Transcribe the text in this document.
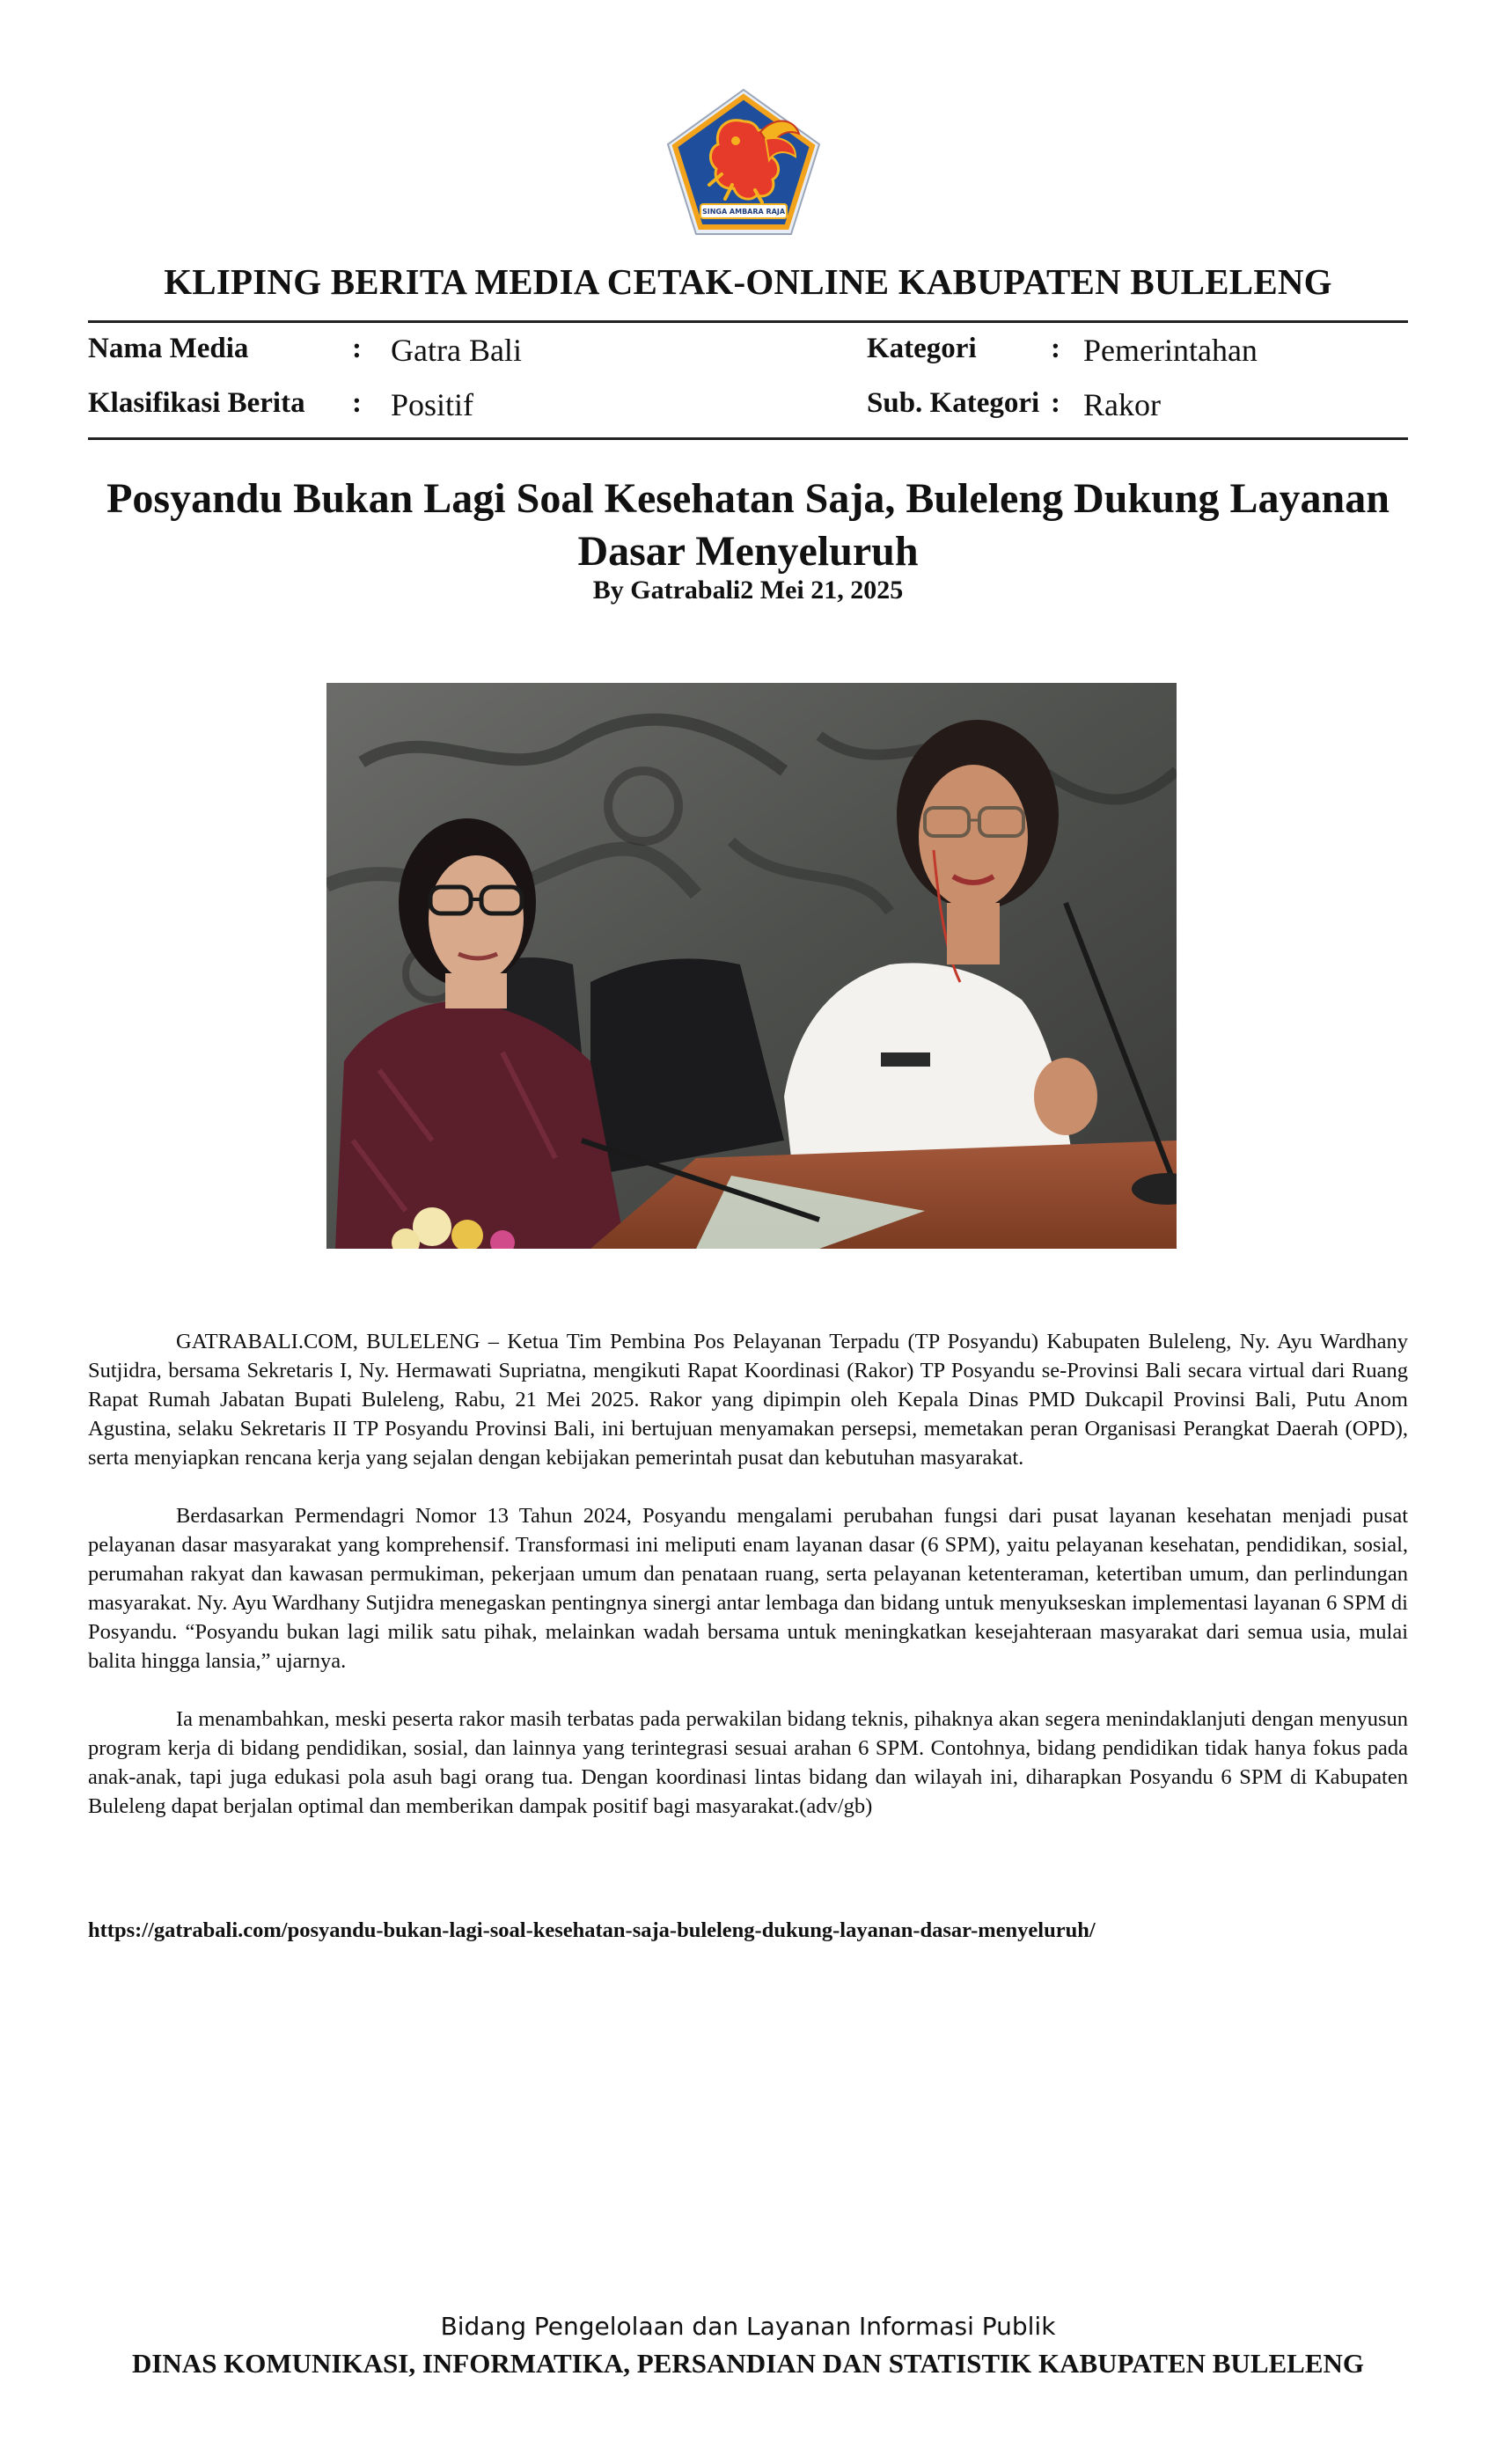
SINGA AMBARA RAJA
KLIPING BERITA MEDIA CETAK-ONLINE KABUPATEN BULELENG
Nama Media	: Gatra Bali
Klasifikasi Berita : Positif
Kategori	: Pemerintahan
Sub. Kategori : Rakor
Posyandu Bukan Lagi Soal Kesehatan Saja, Buleleng Dukung Layanan Dasar Menyeluruh
By Gatrabali2 Mei 21, 2025

GATRABALI.COM, BULELENG – Ketua Tim Pembina Pos Pelayanan Terpadu (TP Posyandu) Kabupaten Buleleng, Ny. Ayu Wardhany Sutjidra, bersama Sekretaris I, Ny. Hermawati Supriatna, mengikuti Rapat Koordinasi (Rakor) TP Posyandu se-Provinsi Bali secara virtual dari Ruang Rapat Rumah Jabatan Bupati Buleleng, Rabu, 21 Mei 2025. Rakor yang dipimpin oleh Kepala Dinas PMD Dukcapil Provinsi Bali, Putu Anom Agustina, selaku Sekretaris II TP Posyandu Provinsi Bali, ini bertujuan menyamakan persepsi, memetakan peran Organisasi Perangkat Daerah (OPD), serta menyiapkan rencana kerja yang sejalan dengan kebijakan pemerintah pusat dan kebutuhan masyarakat.

Berdasarkan Permendagri Nomor 13 Tahun 2024, Posyandu mengalami perubahan fungsi dari pusat layanan kesehatan menjadi pusat pelayanan dasar masyarakat yang komprehensif. Transformasi ini meliputi enam layanan dasar (6 SPM), yaitu pelayanan kesehatan, pendidikan, sosial, perumahan rakyat dan kawasan permukiman, pekerjaan umum dan penataan ruang, serta pelayanan ketenteraman, ketertiban umum, dan perlindungan masyarakat. Ny. Ayu Wardhany Sutjidra menegaskan pentingnya sinergi antar lembaga dan bidang untuk menyukseskan implementasi layanan 6 SPM di Posyandu. “Posyandu bukan lagi milik satu pihak, melainkan wadah bersama untuk meningkatkan kesejahteraan masyarakat dari semua usia, mulai balita hingga lansia,” ujarnya.

Ia menambahkan, meski peserta rakor masih terbatas pada perwakilan bidang teknis, pihaknya akan segera menindaklanjuti dengan menyusun program kerja di bidang pendidikan, sosial, dan lainnya yang terintegrasi sesuai arahan 6 SPM. Contohnya, bidang pendidikan tidak hanya fokus pada anak-anak, tapi juga edukasi pola asuh bagi orang tua. Dengan koordinasi lintas bidang dan wilayah ini, diharapkan Posyandu 6 SPM di Kabupaten Buleleng dapat berjalan optimal dan memberikan dampak positif bagi masyarakat.(adv/gb)

https://gatrabali.com/posyandu-bukan-lagi-soal-kesehatan-saja-buleleng-dukung-layanan-dasar-menyeluruh/
Bidang Pengelolaan dan Layanan Informasi Publik
DINAS KOMUNIKASI, INFORMATIKA, PERSANDIAN DAN STATISTIK KABUPATEN BULELENG
